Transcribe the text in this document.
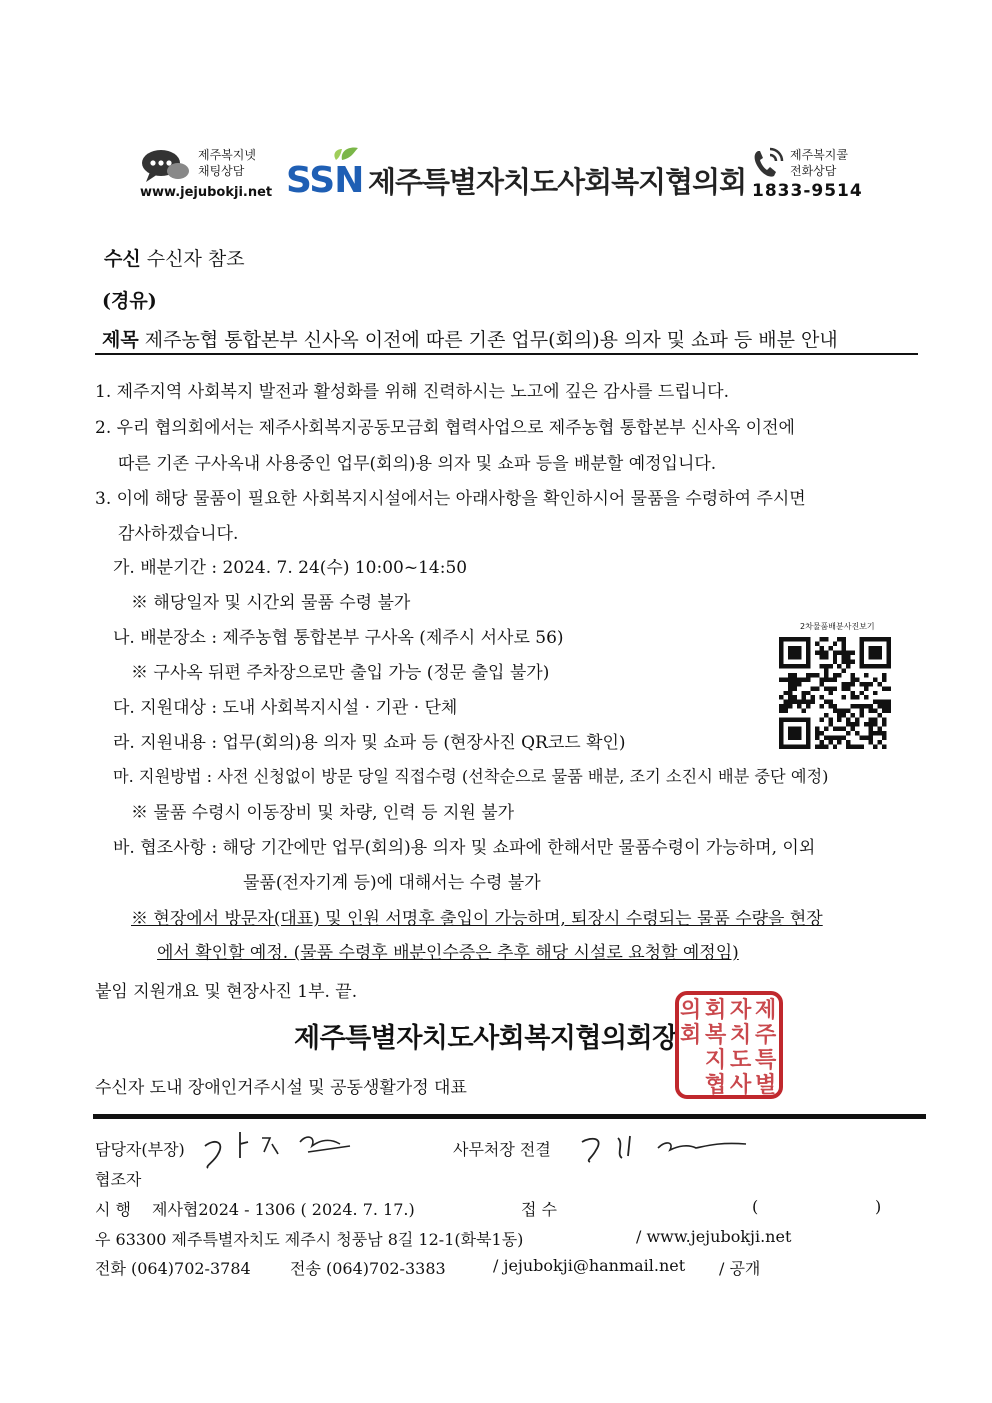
제주복지넷
채팅상담
www.jejubokji.net SSN 제주특별자치도사회복지협의회
제주복지콜
전화상담
1833-9514
수신 수신자 참조
(경유)
제목 제주농협 통합본부 신사옥 이전에 따른 기존 업무(회의)용 의자 및 쇼파 등 배분 안내
1. 제주지역 사회복지 발전과 활성화를 위해 진력하시는 노고에 깊은 감사를 드립니다.
2. 우리 협의회에서는 제주사회복지공동모금회 협력사업으로 제주농협 통합본부 신사옥 이전에
따른 기존 구사옥내 사용중인 업무(회의)용 의자 및 쇼파 등을 배분할 예정입니다.
3. 이에 해당 물품이 필요한 사회복지시설에서는 아래사항을 확인하시어 물품을 수령하여 주시면
감사하겠습니다.
가. 배분기간 : 2024. 7. 24(수) 10:00~14:50
※ 해당일자 및 시간외 물품 수령 불가
나. 배분장소 : 제주농협 통합본부 구사옥 (제주시 서사로 56)
※ 구사옥 뒤편 주차장으로만 출입 가능 (정문 출입 불가)
다. 지원대상 : 도내 사회복지시설 · 기관 · 단체
라. 지원내용 : 업무(회의)용 의자 및 쇼파 등 (현장사진 QR코드 확인)
마. 지원방법 : 사전 신청없이 방문 당일 직접수령 (선착순으로 물품 배분, 조기 소진시 배분 중단 예정)
※ 물품 수령시 이동장비 및 차량, 인력 등 지원 불가
바. 협조사항 : 해당 기간에만 업무(회의)용 의자 및 쇼파에 한해서만 물품수령이 가능하며, 이외
물품(전자기계 등)에 대해서는 수령 불가
※ 현장에서 방문자(대표) 및 인원 서명후 출입이 가능하며, 퇴장시 수령되는 물품 수량을 현장
에서 확인할 예정. (물품 수령후 배분인수증은 추후 해당 시설로 요청할 예정임)
붙임 지원개요 및 현장사진 1부. 끝.
2차물품배분사진보기
제주특별자치도사회복지협의회장
제
주
특
별
자
치
도
사
회
복
지
협
의
회
수신자 도내 장애인거주시설 및 공동생활가정 대표
담당자(부장)	사무처장 전결
협조자
시 행 제사협2024 - 1306 ( 2024. 7. 17.)	접 수	(	)
우 63300 제주특별자치도 제주시 청풍남 8길 12-1(화북1동)	/ www.jejubokji.net
전화 (064)702-3784 전송 (064)702-3383	/ jejubokji@hanmail.net / 공개
